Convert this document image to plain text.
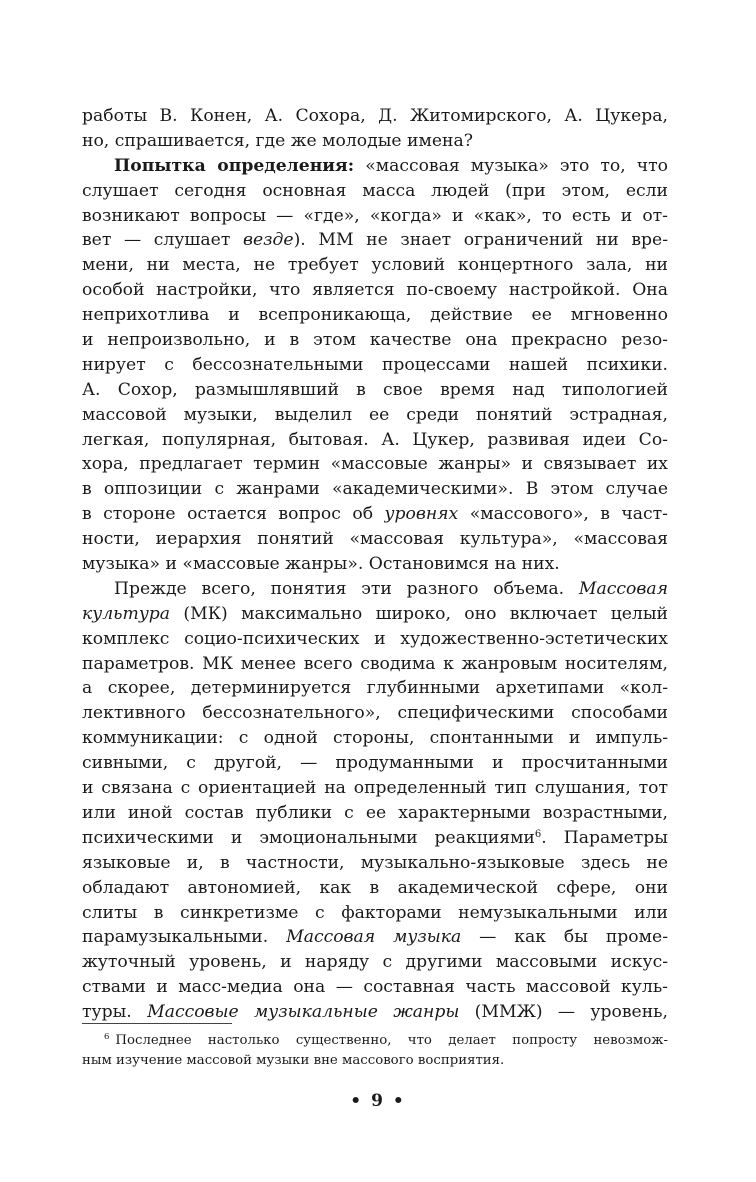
работы В. Конен, А. Сохора, Д. Житомирского, А. Цукера,
но, спрашивается, где же молодые имена?
Попытка определения: «массовая музыка» это то, что
слушает сегодня основная масса людей (при этом, если
возникают вопросы — «где», «когда» и «как», то есть и от-
вет — слушает везде). ММ не знает ограничений ни вре-
мени, ни места, не требует условий концертного зала, ни
особой настройки, что является по-своему настройкой. Она
неприхотлива и всепроникающа, действие ее мгновенно
и непроизвольно, и в этом качестве она прекрасно резо-
нирует с бессознательными процессами нашей психики.
А. Сохор, размышлявший в свое время над типологией
массовой музыки, выделил ее среди понятий эстрадная,
легкая, популярная, бытовая. А. Цукер, развивая идеи Со-
хора, предлагает термин «массовые жанры» и связывает их
в оппозиции с жанрами «академическими». В этом случае
в стороне остается вопрос об уровнях «массового», в част-
ности, иерархия понятий «массовая культура», «массовая
музыка» и «массовые жанры». Остановимся на них.
Прежде всего, понятия эти разного объема. Массовая
культура (МК) максимально широко, оно включает целый
комплекс социо-психических и художественно-эстетических
параметров. МК менее всего сводима к жанровым носителям,
а скорее, детерминируется глубинными архетипами «кол-
лективного бессознательного», специфическими способами
коммуникации: с одной стороны, спонтанными и импуль-
сивными, с другой, — продуманными и просчитанными
и связана с ориентацией на определенный тип слушания, тот
или иной состав публики с ее характерными возрастными,
психическими и эмоциональными реакциями$^6$. Параметры
языковые и, в частности, музыкально-языковые здесь не
обладают автономией, как в академической сфере, они
слиты в синкретизме с факторами немузыкальными или
парамузыкальными. Массовая музыка — как бы проме-
жуточный уровень, и наряду с другими массовыми искус-
ствами и масс-медиа она — составная часть массовой куль-
туры. Массовые музыкальные жанры (ММЖ) — уровень,
$^6$ Последнее настолько существенно, что делает попросту невозмож-
ным изучение массовой музыки вне массового восприятия.
• 9 •
